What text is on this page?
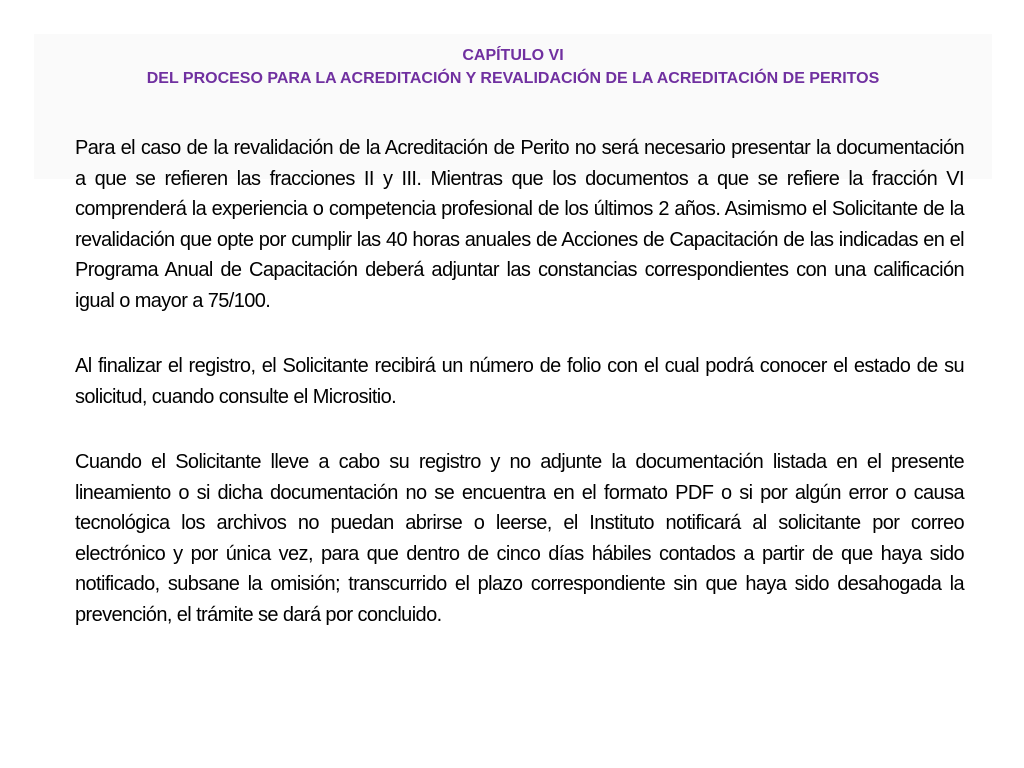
CAPÍTULO VI
DEL PROCESO PARA LA ACREDITACIÓN Y REVALIDACIÓN DE LA ACREDITACIÓN DE PERITOS

Para el caso de la revalidación de la Acreditación de Perito no será necesario presentar la documentación a que se refieren las fracciones II y III. Mientras que los documentos a que se refiere la fracción VI comprenderá la experiencia o competencia profesional de los últimos 2 años. Asimismo el Solicitante de la revalidación que opte por cumplir las 40 horas anuales de Acciones de Capacitación de las indicadas en el Programa Anual de Capacitación deberá adjuntar las constancias correspondientes con una calificación igual o mayor a 75/100.

Al finalizar el registro, el Solicitante recibirá un número de folio con el cual podrá conocer el estado de su solicitud, cuando consulte el Micrositio.

Cuando el Solicitante lleve a cabo su registro y no adjunte la documentación listada en el presente lineamiento o si dicha documentación no se encuentra en el formato PDF o si por algún error o causa tecnológica los archivos no puedan abrirse o leerse, el Instituto notificará al solicitante por correo electrónico y por única vez, para que dentro de cinco días hábiles contados a partir de que haya sido notificado, subsane la omisión; transcurrido el plazo correspondiente sin que haya sido desahogada la prevención, el trámite se dará por concluido.
